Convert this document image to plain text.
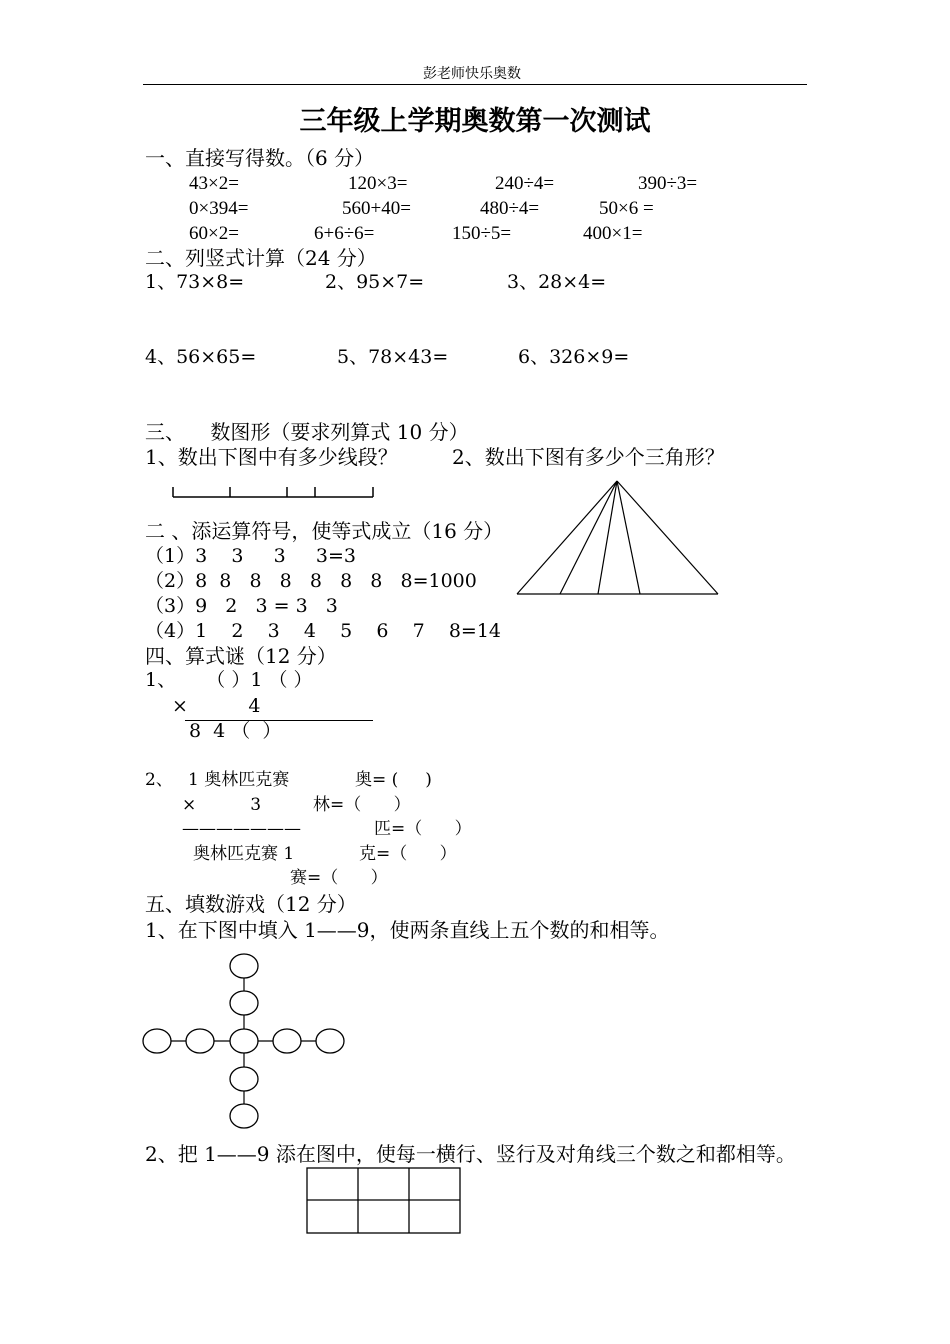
彭老师快乐奥数
三年级上学期奥数第一次测试
一、直接写得数。（6 分）
43×2=	120×3=	240÷4=	390÷3=
0×394=	560+40=	480÷4=	50×6 =
60×2=	6+6÷6=	150÷5=	400×1=
二、列竖式计算（24 分）
1、73×8=	2、95×7=	3、28×4=
4、56×65=	5、78×43=	6、326×9=
三、    数图形（要求列算式 10 分）
1、数出下图中有多少线段？	2、数出下图有多少个三角形？
二 、添运算符号，使等式成立（16 分）
（1）3    3     3     3=3
（2）8  8   8   8   8   8   8   8=1000
（3）9   2   3 = 3   3
（4）1    2    3    4    5    6    7    8=14
四、算式谜（12 分）
1、     （ ）1 （ ）
×          4
8  4 （  ）
2、 1 奥林匹克赛
×          3
———————
奥林匹克赛 1
奥= (     )
林=（      ）
匹=（      ）
克=（      ）
赛=（      ）
五、填数游戏（12 分）
1、在下图中填入 1——9，使两条直线上五个数的和相等。
2、把 1——9 添在图中，使每一横行、竖行及对角线三个数之和都相等。
